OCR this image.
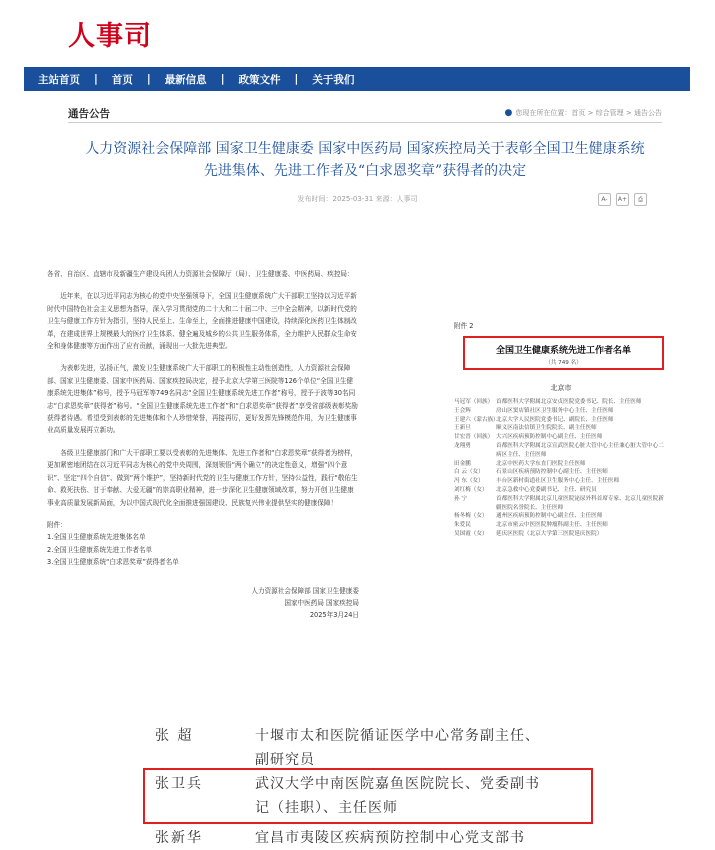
人事司
主站首页	|	首页	|	最新信息	|	政策文件	|	关于我们
通告公告	● 您现在所在位置：首页 > 综合管理 > 通告公告
人力资源社会保障部 国家卫生健康委 国家中医药局 国家疾控局关于表彰全国卫生健康系统
先进集体、先进工作者及“白求恩奖章”获得者的决定
发布时间：2025-03-31 来源：人事司	A-	A+	⎙

各省、自治区、直辖市及新疆生产建设兵团人力资源社会保障厅（局）、卫生健康委、中医药局、疾控局：

近年来，在以习近平同志为核心的党中央坚强领导下，全国卫生健康系统广大干部职工坚持以习近平新时代中国特色社会主义思想为指导，深入学习贯彻党的二十大和二十届二中、三中全会精神，以新时代党的卫生与健康工作方针为指引，坚持人民至上、生命至上，全面推进健康中国建设，持续深化医药卫生体制改革，在建成世界上规模最大的医疗卫生体系、健全遍及城乡的公共卫生服务体系，全力维护人民群众生命安全和身体健康等方面作出了应有贡献，涌现出一大批先进典型。

为表彰先进，弘扬正气，激发卫生健康系统广大干部职工的积极性主动性创造性，人力资源社会保障部、国家卫生健康委、国家中医药局、国家疾控局决定，授予北京大学第三医院等126个单位“全国卫生健康系统先进集体”称号，授予马冠军等749名同志“全国卫生健康系统先进工作者”称号，授予于波等30名同志“白求恩奖章”获得者”称号。“全国卫生健康系统先进工作者”和“白求恩奖章”获得者”享受省部级表彰奖励获得者待遇。希望受到表彰的先进集体和个人珍惜荣誉，再接再厉，更好发挥先锋模范作用，为卫生健康事业高质量发展再立新功。

各级卫生健康部门和广大干部职工要以受表彰的先进集体、先进工作者和“白求恩奖章”获得者为榜样，更加紧密地团结在以习近平同志为核心的党中央周围，深刻领悟“两个确立”的决定性意义，增强“四个意识”、坚定“四个自信”、做到“两个维护”，坚持新时代党的卫生与健康工作方针，坚持公益性，践行“敬佑生命、救死扶伤、甘于奉献、大爱无疆”的崇高职业精神，进一步深化卫生健康领域改革，努力开创卫生健康事业高质量发展新局面，为以中国式现代化全面推进强国建设、民族复兴伟业提供坚实的健康保障！

附件：

1.全国卫生健康系统先进集体名单

2.全国卫生健康系统先进工作者名单

3.全国卫生健康系统“白求恩奖章”获得者名单

人力资源社会保障部 国家卫生健康委
国家中医药局 国家疾控局
2025年3月24日
附件 2
全国卫生健康系统先进工作者名单
（共 749 名）
北京市
马冠军（回族） 首都医科大学附属北京安贞医院党委书记、院长、主任医师
王会辉	房山区窦店镇社区卫生服务中心主任、主任医师
王建六（蒙古族）
北京大学人民医院党委书记、副院长、主任医师
王新旦	顺义区南法信镇卫生院院长、副主任医师
甘宏晋（回族） 大兴区疾病预防控制中心副主任、主任医师
龙翔勇	首都医科大学附属北京宣武医院心脏大管中心主任兼心脏大管中心二病区主任、主任医师
田金鹏	北京中医药大学东直门医院主任医师
白 云（女）	石景山区疾病预防控制中心副主任、主任医师
冯 东（女）	丰台区新村街道社区卫生服务中心主任、主任医师
刘红梅（女）	北京急救中心党委副书记、主任、研究员
孙 宁	首都医科大学附属北京儿童医院泌尿外科首席专家、北京儿童医院新疆医院名誉院长、主任医师
杨冬梅（女）	通州区疾病预防控制中心副主任、主任医师
朱爱民	北京市密云中医医院肿瘤科副主任、主任医师
吴国霞（女）	延庆区医院（北京大学第三医院延庆医院）
张 超	十堰市太和医院循证医学中心常务副主任、
副研究员
张卫兵	武汉大学中南医院嘉鱼医院院长、党委副书
记（挂职）、主任医师
张新华	宜昌市夷陵区疾病预防控制中心党支部书
